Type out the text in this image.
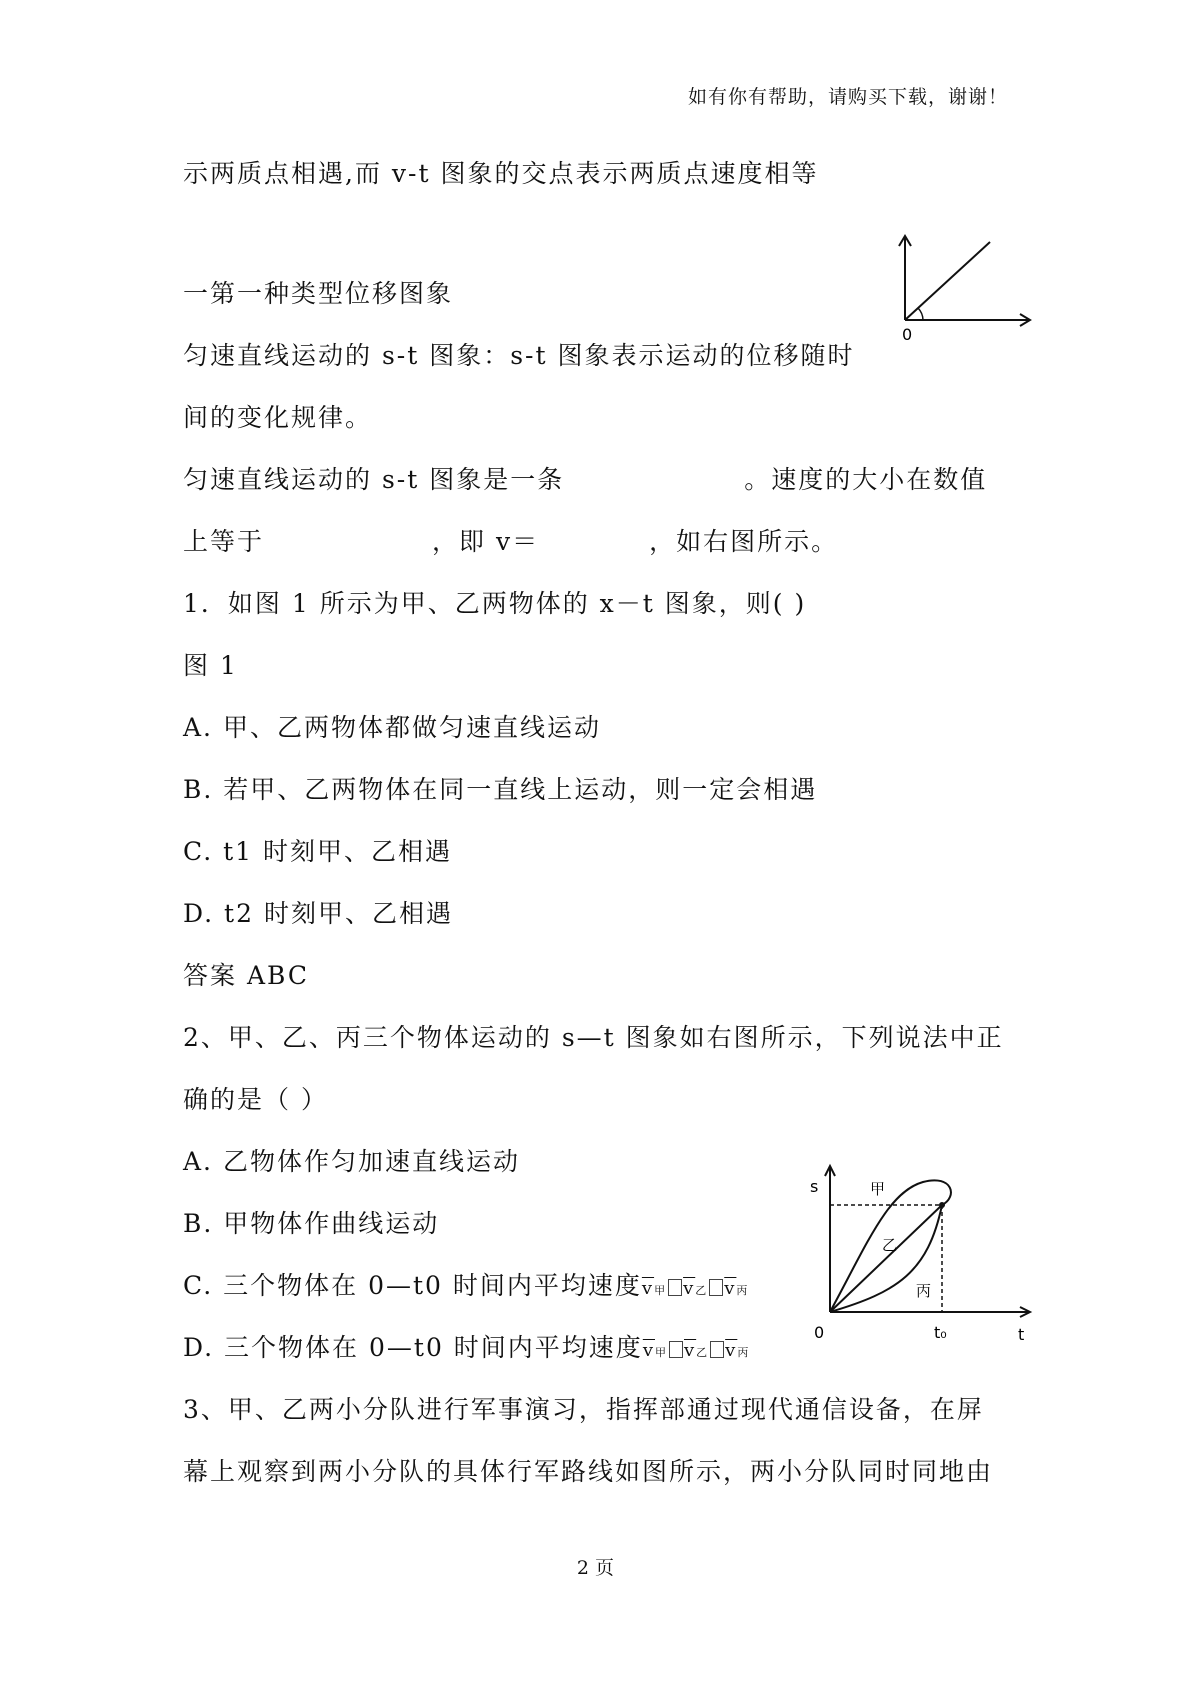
如有你有帮助，请购买下载，谢谢！
示两质点相遇,而 v-t 图象的交点表示两质点速度相等
0
一第一种类型位移图象
匀速直线运动的 s-t 图象：s-t 图象表示运动的位移随时
间的变化规律。
匀速直线运动的 s-t 图象是一条	。速度的大小在数值
上等于	，即 v＝	，如右图所示。
1．如图 1 所示为甲、乙两物体的 x－t 图象，则( )
图 1
A. 甲、乙两物体都做匀速直线运动
B. 若甲、乙两物体在同一直线上运动，则一定会相遇
C. t1 时刻甲、乙相遇
D. t2 时刻甲、乙相遇
答案 ABC
2、甲、乙、丙三个物体运动的 s—t 图象如右图所示，下列说法中正
确的是（ ）
A. 乙物体作匀加速直线运动
B. 甲物体作曲线运动
C. 三个物体在 0—t0 时间内平均速度$\overline{v}$甲 $\overline{v}$乙 $\overline{v}$丙
D. 三个物体在 0—t0 时间内平均速度$\overline{v}$甲 $\overline{v}$乙 $\overline{v}$丙
s
t
0	t₀
甲
乙
丙
3、甲、乙两小分队进行军事演习，指挥部通过现代通信设备，在屏
幕上观察到两小分队的具体行军路线如图所示，两小分队同时同地由
2 页
